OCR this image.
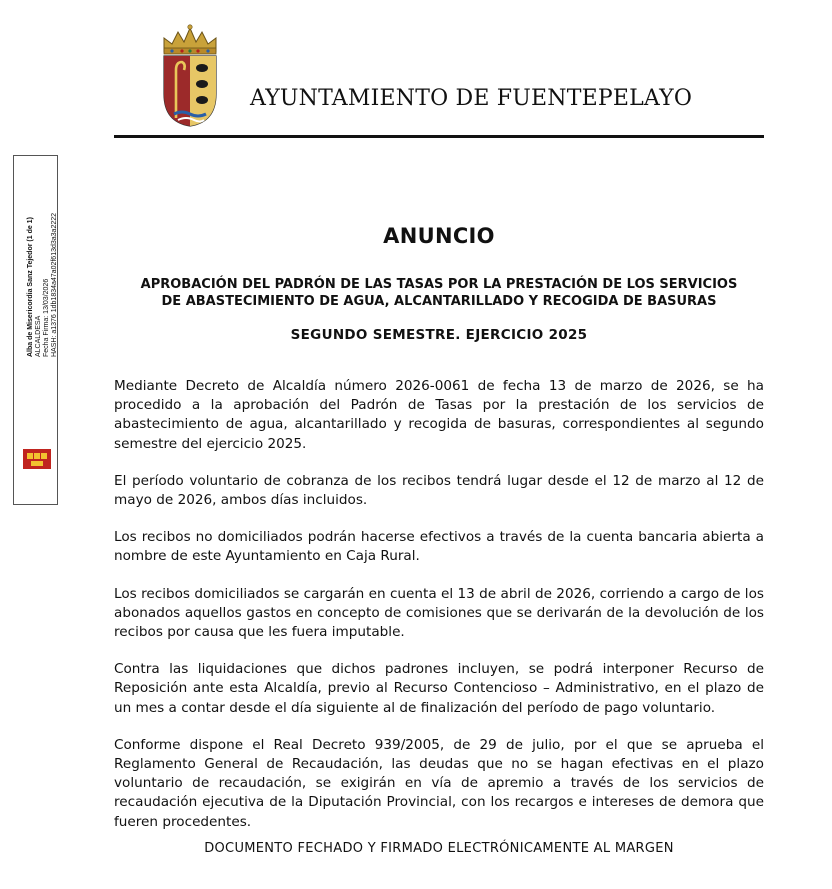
AYUNTAMIENTO DE FUENTEPELAYO
Alba de Misericordia Sanz Tejedor (1 de 1) ALCALDESA Fecha Firma: 13/03/2026 HASH: a1376 1db1834a47a02f613d3a3a2222	ANUNCIO
APROBACIÓN DEL PADRÓN DE LAS TASAS POR LA PRESTACIÓN DE LOS SERVICIOS
DE ABASTECIMIENTO DE AGUA, ALCANTARILLADO Y RECOGIDA DE BASURAS
SEGUNDO SEMESTRE. EJERCICIO 2025

Mediante Decreto de Alcaldía número 2026-0061 de fecha 13 de marzo de 2026, se ha procedido a la aprobación del Padrón de Tasas por la prestación de los servicios de abastecimiento de agua, alcantarillado y recogida de basuras, correspondientes al segundo semestre del ejercicio 2025.

El período voluntario de cobranza de los recibos tendrá lugar desde el 12 de marzo al 12 de mayo de 2026, ambos días incluidos.

Los recibos no domiciliados podrán hacerse efectivos a través de la cuenta bancaria abierta a nombre de este Ayuntamiento en Caja Rural.

Los recibos domiciliados se cargarán en cuenta el 13 de abril de 2026, corriendo a cargo de los abonados aquellos gastos en concepto de comisiones que se derivarán de la devolución de los recibos por causa que les fuera imputable.

Contra las liquidaciones que dichos padrones incluyen, se podrá interponer Recurso de Reposición ante esta Alcaldía, previo al Recurso Contencioso – Administrativo, en el plazo de un mes a contar desde el día siguiente al de finalización del período de pago voluntario.

Conforme dispone el Real Decreto 939/2005, de 29 de julio, por el que se aprueba el Reglamento General de Recaudación, las deudas que no se hagan efectivas en el plazo voluntario de recaudación, se exigirán en vía de apremio a través de los servicios de recaudación ejecutiva de la Diputación Provincial, con los recargos e intereses de demora que fueren procedentes.

DOCUMENTO FECHADO Y FIRMADO ELECTRÓNICAMENTE AL MARGEN
